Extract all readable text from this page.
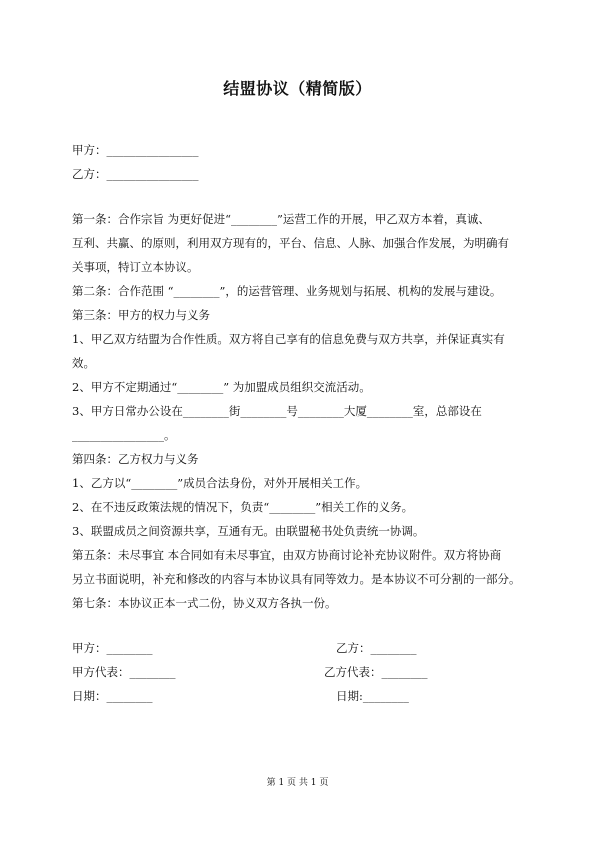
结盟协议（精简版）
甲方：________________
乙方：________________
第一条：合作宗旨 为更好促进“________”运营工作的开展，甲乙双方本着，真诚、
互利、共赢、的原则，利用双方现有的，平台、信息、人脉、加强合作发展，为明确有
关事项，特订立本协议。
第二条：合作范围 “________”，的运营管理、业务规划与拓展、机构的发展与建设。
第三条：甲方的权力与义务
1、甲乙双方结盟为合作性质。双方将自己享有的信息免费与双方共享，并保证真实有
效。
2、甲方不定期通过“________” 为加盟成员组织交流活动。
3、甲方日常办公设在________街________号________大厦________室，总部设在
________________。
第四条：乙方权力与义务
1、乙方以“________”成员合法身份，对外开展相关工作。
2、在不违反政策法规的情况下，负责“________”相关工作的义务。
3、联盟成员之间资源共享，互通有无。由联盟秘书处负责统一协调。
第五条：未尽事宜 本合同如有未尽事宜，由双方协商讨论补充协议附件。双方将协商
另立书面说明，补充和修改的内容与本协议具有同等效力。是本协议不可分割的一部分。
第七条：本协议正本一式二份，协义双方各执一份。
甲方：________	乙方：________
甲方代表：________	乙方代表：________
日期：________	日期:________
第 1 页 共 1 页
